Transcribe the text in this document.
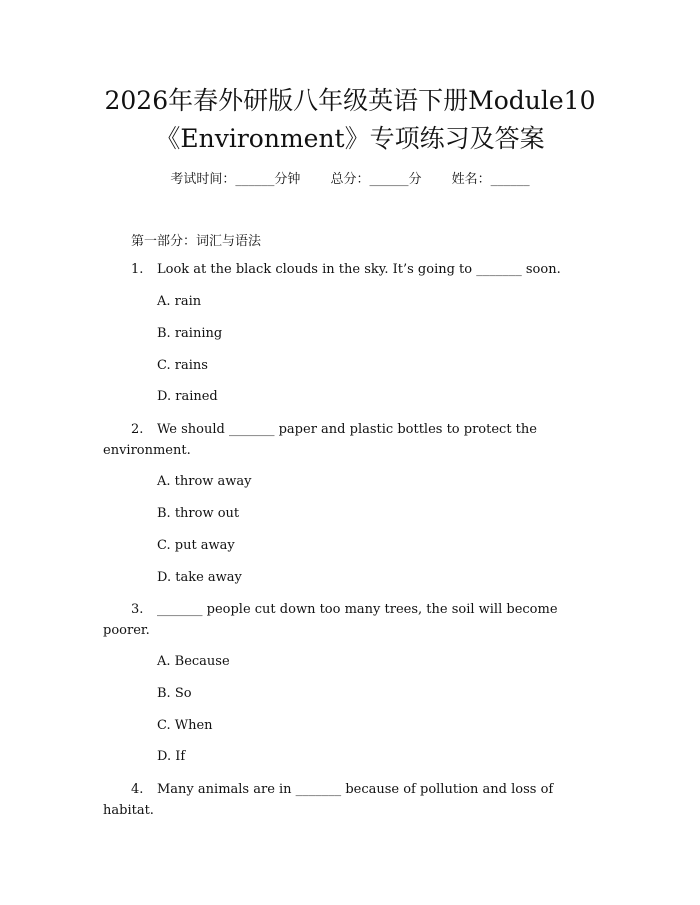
2026年春外研版八年级英语下册Module10
《Environment》专项练习及答案
考试时间：______分钟 总分：______分 姓名：______
第一部分：词汇与语法
1. Look at the black clouds in the sky. It’s going to _______ soon.
A. rain
B. raining
C. rains
D. rained
2. We should _______ paper and plastic bottles to protect the environment.
A. throw away
B. throw out
C. put away
D. take away
3. _______ people cut down too many trees, the soil will become poorer.
A. Because
B. So
C. When
D. If
4. Many animals are in _______ because of pollution and loss of habitat.
